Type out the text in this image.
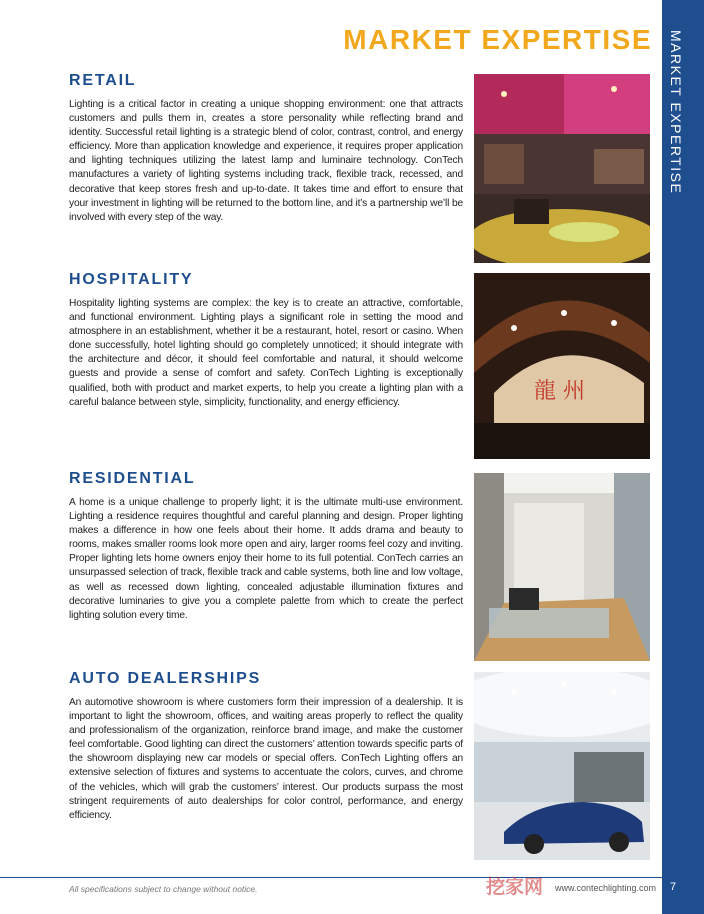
MARKET EXPERTISE
MARKET EXPERTISE
RETAIL

Lighting is a critical factor in creating a unique shopping environment: one that attracts customers and pulls them in, creates a store personality while reflecting brand and identity. Successful retail lighting is a strategic blend of color, contrast, control, and energy efficiency. More than application knowledge and experience, it requires proper application and lighting techniques utilizing the latest lamp and luminaire technology. ConTech manufactures a variety of lighting systems including track, flexible track, recessed, and decorative that keep stores fresh and up-to-date. It takes time and effort to ensure that your investment in lighting will be returned to the bottom line, and it’s a partnership we’ll be involved with every step of the way.

HOSPITALITY

Hospitality lighting systems are complex: the key is to create an attractive, comfortable, and functional environment. Lighting plays a significant role in setting the mood and atmosphere in an establishment, whether it be a restaurant, hotel, resort or casino. When done successfully, hotel lighting should go completely unnoticed; it should integrate with the architecture and décor, it should feel comfortable and natural, it should welcome guests and provide a sense of comfort and safety. ConTech Lighting is exceptionally qualified, both with product and market experts, to help you create a lighting plan with a careful balance between style, simplicity, functionality, and energy efficiency.	龍 州
RESIDENTIAL

A home is a unique challenge to properly light; it is the ultimate multi-use environment. Lighting a residence requires thoughtful and careful planning and design. Proper lighting makes a difference in how one feels about their home. It adds drama and beauty to rooms, makes smaller rooms look more open and airy, larger rooms feel cozy and inviting. Proper lighting lets home owners enjoy their home to its full potential. ConTech carries an unsurpassed selection of track, flexible track and cable systems, both line and low voltage, as well as recessed down lighting, concealed adjustable illumination fixtures and decorative luminaries to give you a complete palette from which to create the perfect lighting solution every time.

AUTO DEALERSHIPS

An automotive showroom is where customers form their impression of a dealership. It is important to light the showroom, offices, and waiting areas properly to reflect the quality and professionalism of the organization, reinforce brand image, and make the customer feel comfortable. Good lighting can direct the customers’ attention towards specific parts of the showroom displaying new car models or special offers. ConTech Lighting offers an extensive selection of fixtures and systems to accentuate the colors, curves, and chrome of the vehicles, which will grab the customers’ interest. Our products surpass the most stringent requirements of auto dealerships for color control, performance, and energy efficiency.

All specifications subject to change without notice.	挖家网 www.contechlighting.com 7
